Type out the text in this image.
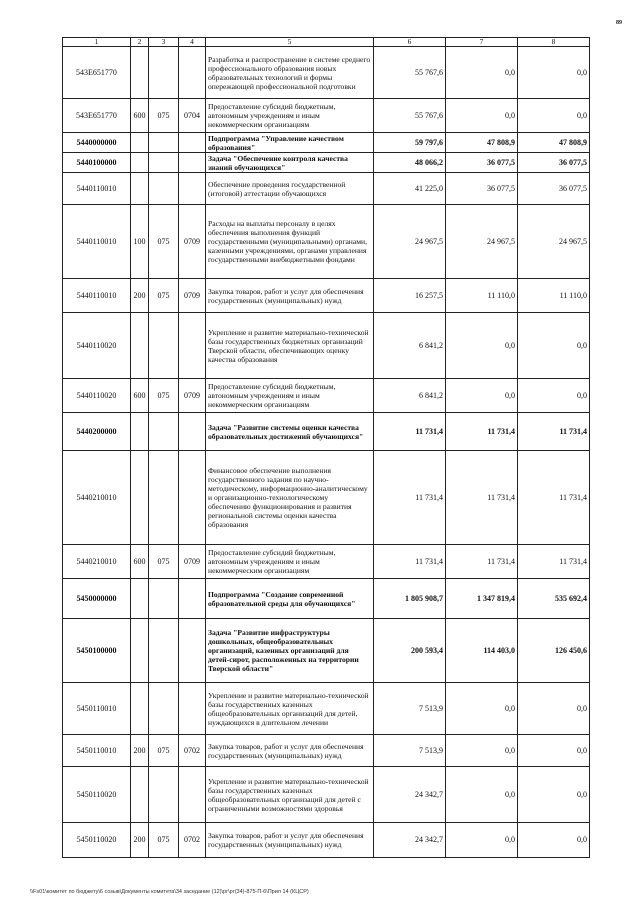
89
1	2	3	4	5	6	7	8
543E651770				Разработка и распространение в системе среднего профессионального образования новых образовательных технологий и формы опережающей профессиональной подготовки	55 767,6	0,0	0,0
543E651770	600	075	0704	Предоставление субсидий бюджетным, автономным учреждениям и иным некоммерческим организациям	55 767,6	0,0	0,0
5440000000				Подпрограмма "Управление качеством образования"	59 797,6	47 808,9	47 808,9
5440100000				Задача "Обеспечение контроля качества знаний обучающихся"	48 066,2	36 077,5	36 077,5
5440110010				Обеспечение проведения государственной (итоговой) аттестации обучающихся	41 225,0	36 077,5	36 077,5
5440110010	100	075	0709	Расходы на выплаты персоналу в целях обеспечения выполнения функций государственными (муниципальными) органами, казенными учреждениями, органами управления государственными внебюджетными фондами	24 967,5	24 967,5	24 967,5
5440110010	200	075	0709	Закупка товаров, работ и услуг для обеспечения государственных (муниципальных) нужд	16 257,5	11 110,0	11 110,0
5440110020				Укрепление и развитие материально-технической базы государственных бюджетных организаций Тверской области, обеспечивающих оценку качества образования	6 841,2	0,0	0,0
5440110020	600	075	0709	Предоставление субсидий бюджетным, автономным учреждениям и иным некоммерческим организациям	6 841,2	0,0	0,0
5440200000				Задача "Развитие системы оценки качества образовательных достижений обучающихся"	11 731,4	11 731,4	11 731,4
5440210010				Финансовое обеспечение выполнения государственного задания по научно-методическому, информационно-аналитическому и организационно-технологическому обеспечению функционирования и развития региональной системы оценки качества образования	11 731,4	11 731,4	11 731,4
5440210010	600	075	0709	Предоставление субсидий бюджетным, автономным учреждениям и иным некоммерческим организациям	11 731,4	11 731,4	11 731,4
5450000000				Подпрограмма "Создание современной образовательной среды для обучающихся"	1 805 908,7	1 347 819,4	535 692,4
5450100000				Задача "Развитие инфраструктуры дошкольных, общеобразовательных организаций, казенных организаций для детей-сирот, расположенных на территории Тверской области"	200 593,4	114 403,0	126 450,6
5450110010				Укрепление и развитие материально-технической базы государственных казенных общеобразовательных организаций для детей, нуждающихся в длительном лечении	7 513,9	0,0	0,0
5450110010	200	075	0702	Закупка товаров, работ и услуг для обеспечения государственных (муниципальных) нужд	7 513,9	0,0	0,0
5450110020				Укрепление и развитие материально-технической базы государственных казенных общеобразовательных организаций для детей с ограниченными возможностями здоровья	24 342,7	0,0	0,0
5450110020	200	075	0702	Закупка товаров, работ и услуг для обеспечения государственных (муниципальных) нужд	24 342,7	0,0	0,0
\\Fs01\комитет по бюджету\6 созыв\Документы комитета\34 заседание (12)\рг\рг(34)-875-П-6\Прил 14 (КЦСР)
